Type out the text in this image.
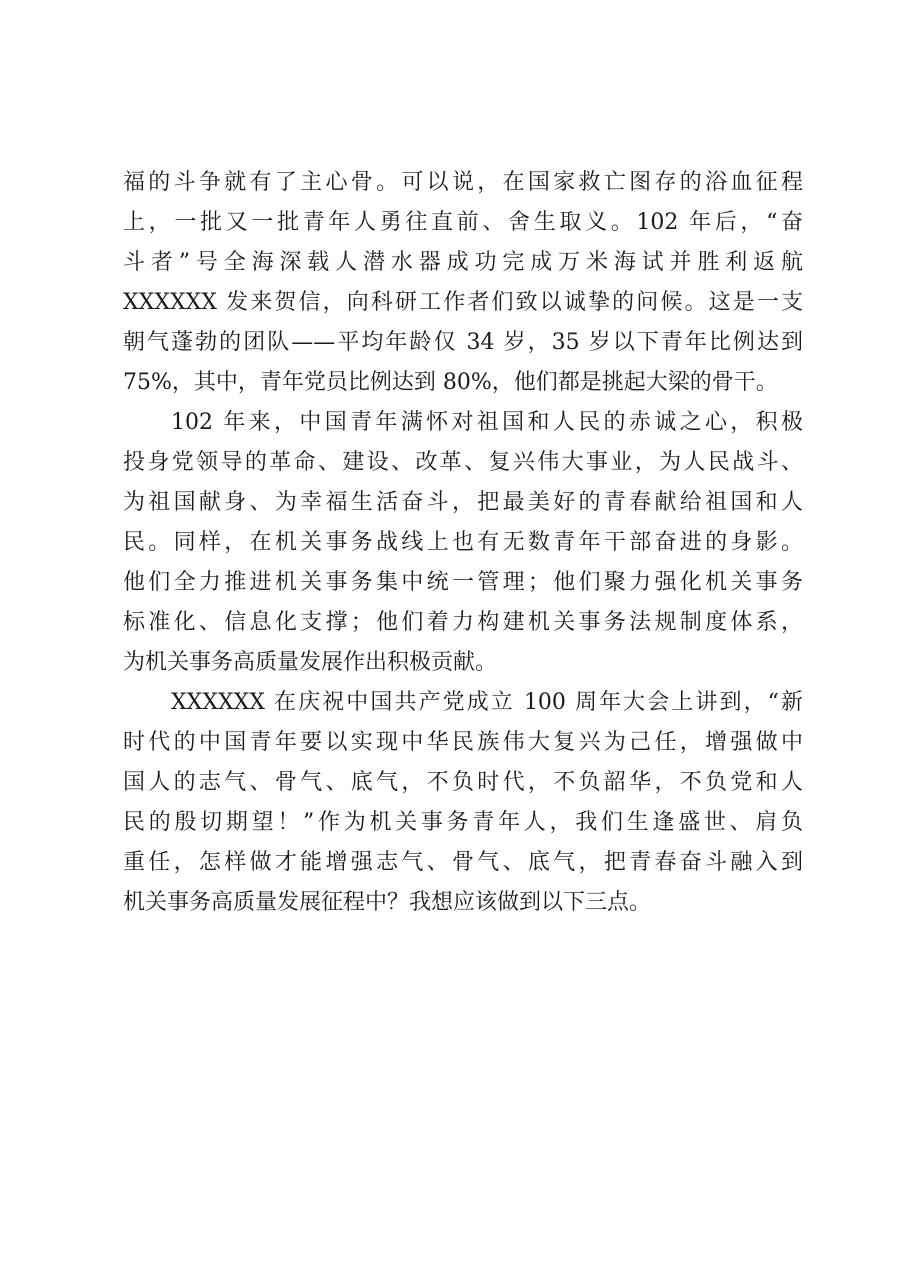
福的斗争就有了主心骨。可以说，在国家救亡图存的浴血征程
上，一批又一批青年人勇往直前、舍生取义。102 年后，“奋
斗者”号全海深载人潜水器成功完成万米海试并胜利返航
XXXXXX 发来贺信，向科研工作者们致以诚挚的问候。这是一支
朝气蓬勃的团队——平均年龄仅 34 岁，35 岁以下青年比例达到
75%，其中，青年党员比例达到 80%，他们都是挑起大梁的骨干。
102 年来，中国青年满怀对祖国和人民的赤诚之心，积极
投身党领导的革命、建设、改革、复兴伟大事业，为人民战斗、
为祖国献身、为幸福生活奋斗，把最美好的青春献给祖国和人
民。同样，在机关事务战线上也有无数青年干部奋进的身影。
他们全力推进机关事务集中统一管理；他们聚力强化机关事务
标准化、信息化支撑；他们着力构建机关事务法规制度体系，
为机关事务高质量发展作出积极贡献。
XXXXXX 在庆祝中国共产党成立 100 周年大会上讲到，“新
时代的中国青年要以实现中华民族伟大复兴为己任，增强做中
国人的志气、骨气、底气，不负时代，不负韶华，不负党和人
民的殷切期望！”作为机关事务青年人，我们生逢盛世、肩负
重任，怎样做才能增强志气、骨气、底气，把青春奋斗融入到
机关事务高质量发展征程中？我想应该做到以下三点。
